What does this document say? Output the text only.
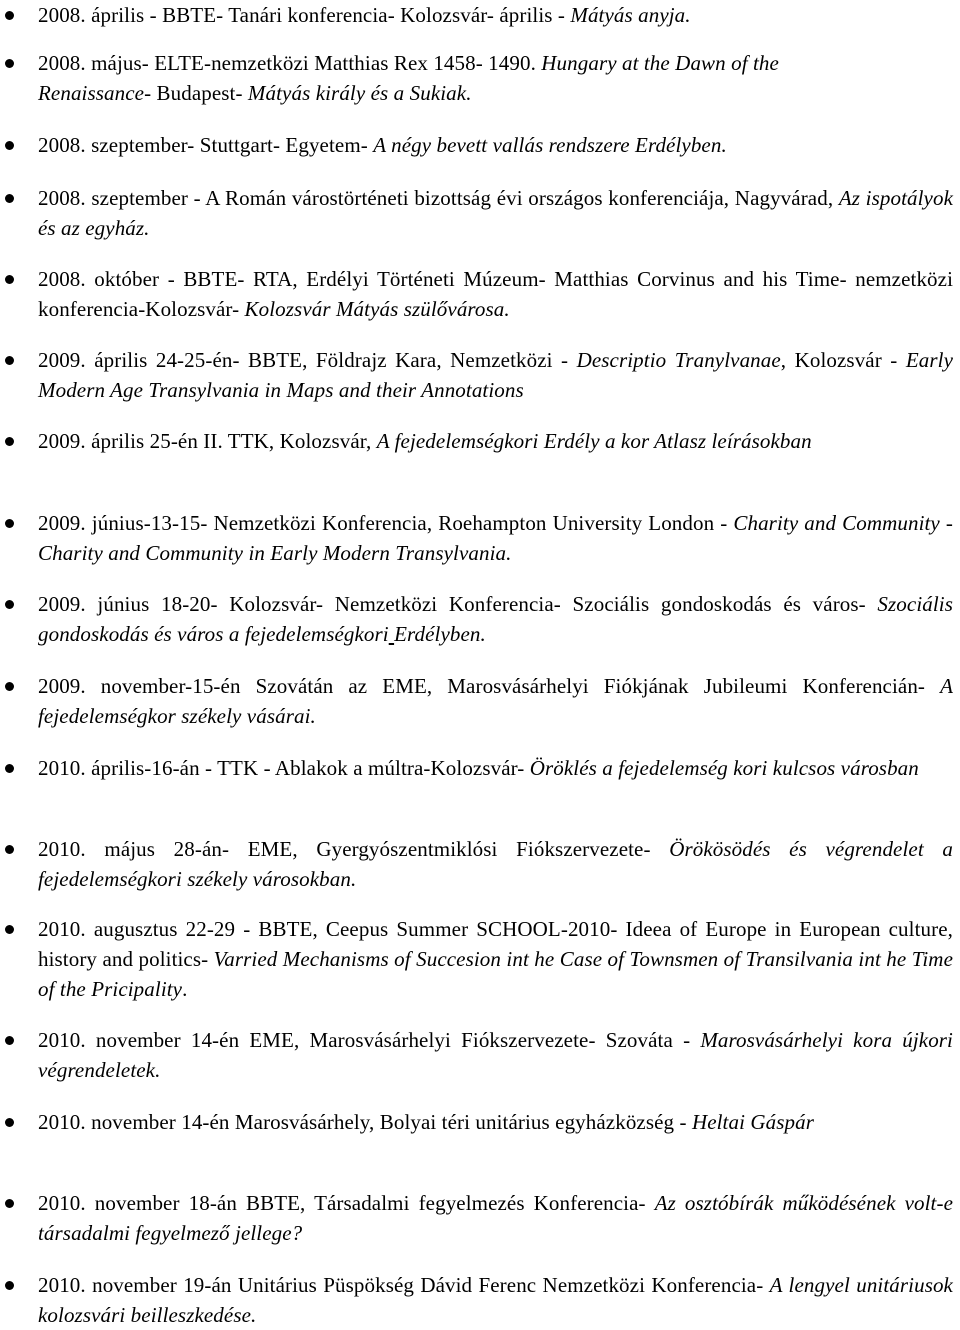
2008. április - BBTE- Tanári konferencia- Kolozsvár- április - Mátyás anyja.
2008. május- ELTE-nemzetközi Matthias Rex 1458- 1490. Hungary at the Dawn of the
Renaissance- Budapest- Mátyás király és a Sukiak.
2008. szeptember- Stuttgart- Egyetem- A négy bevett vallás rendszere Erdélyben.
2008. szeptember - A Román várostörténeti bizottság évi országos konferenciája, Nagyvárad, Az ispotályok és az egyház.
2008. október - BBTE- RTA, Erdélyi Történeti Múzeum- Matthias Corvinus and his Time- nemzetközi konferencia-Kolozsvár- Kolozsvár Mátyás szülővárosa.
2009. április 24-25-én- BBTE, Földrajz Kara, Nemzetközi - Descriptio Tranylvanae, Kolozsvár - Early Modern Age Transylvania in Maps and their Annotations
2009. április 25-én II. TTK, Kolozsvár, A fejedelemségkori Erdély a kor Atlasz leírásokban
2009. június-13-15- Nemzetközi Konferencia, Roehampton University London - Charity and Community - Charity and Community in Early Modern Transylvania.
2009. június 18-20- Kolozsvár- Nemzetközi Konferencia- Szociális gondoskodás és város- Szociális gondoskodás és város a fejedelemségkori Erdélyben.
2009. november-15-én Szovátán az EME, Marosvásárhelyi Fiókjának Jubileumi Konferencián- A fejedelemségkor székely vásárai.
2010. április-16-án - TTK - Ablakok a múltra-Kolozsvár- Öröklés a fejedelemség kori kulcsos városban
2010. május 28-án- EME, Gyergyószentmiklósi Fiókszervezete- Örökösödés és végrendelet a fejedelemségkori székely városokban.
2010. augusztus 22-29 - BBTE, Ceepus Summer SCHOOL-2010- Ideea of Europe in European culture, history and politics- Varried Mechanisms of Succesion int he Case of Townsmen of Transilvania int he Time of the Pricipality.
2010. november 14-én EME, Marosvásárhelyi Fiókszervezete- Szováta - Marosvásárhelyi kora újkori végrendeletek.
2010. november 14-én Marosvásárhely, Bolyai téri unitárius egyházközség - Heltai Gáspár
2010. november 18-án BBTE, Társadalmi fegyelmezés Konferencia- Az osztóbírák működésének volt-e társadalmi fegyelmező jellege?
2010. november 19-án Unitárius Püspökség Dávid Ferenc Nemzetközi Konferencia- A lengyel unitáriusok kolozsvári beilleszkedése.
